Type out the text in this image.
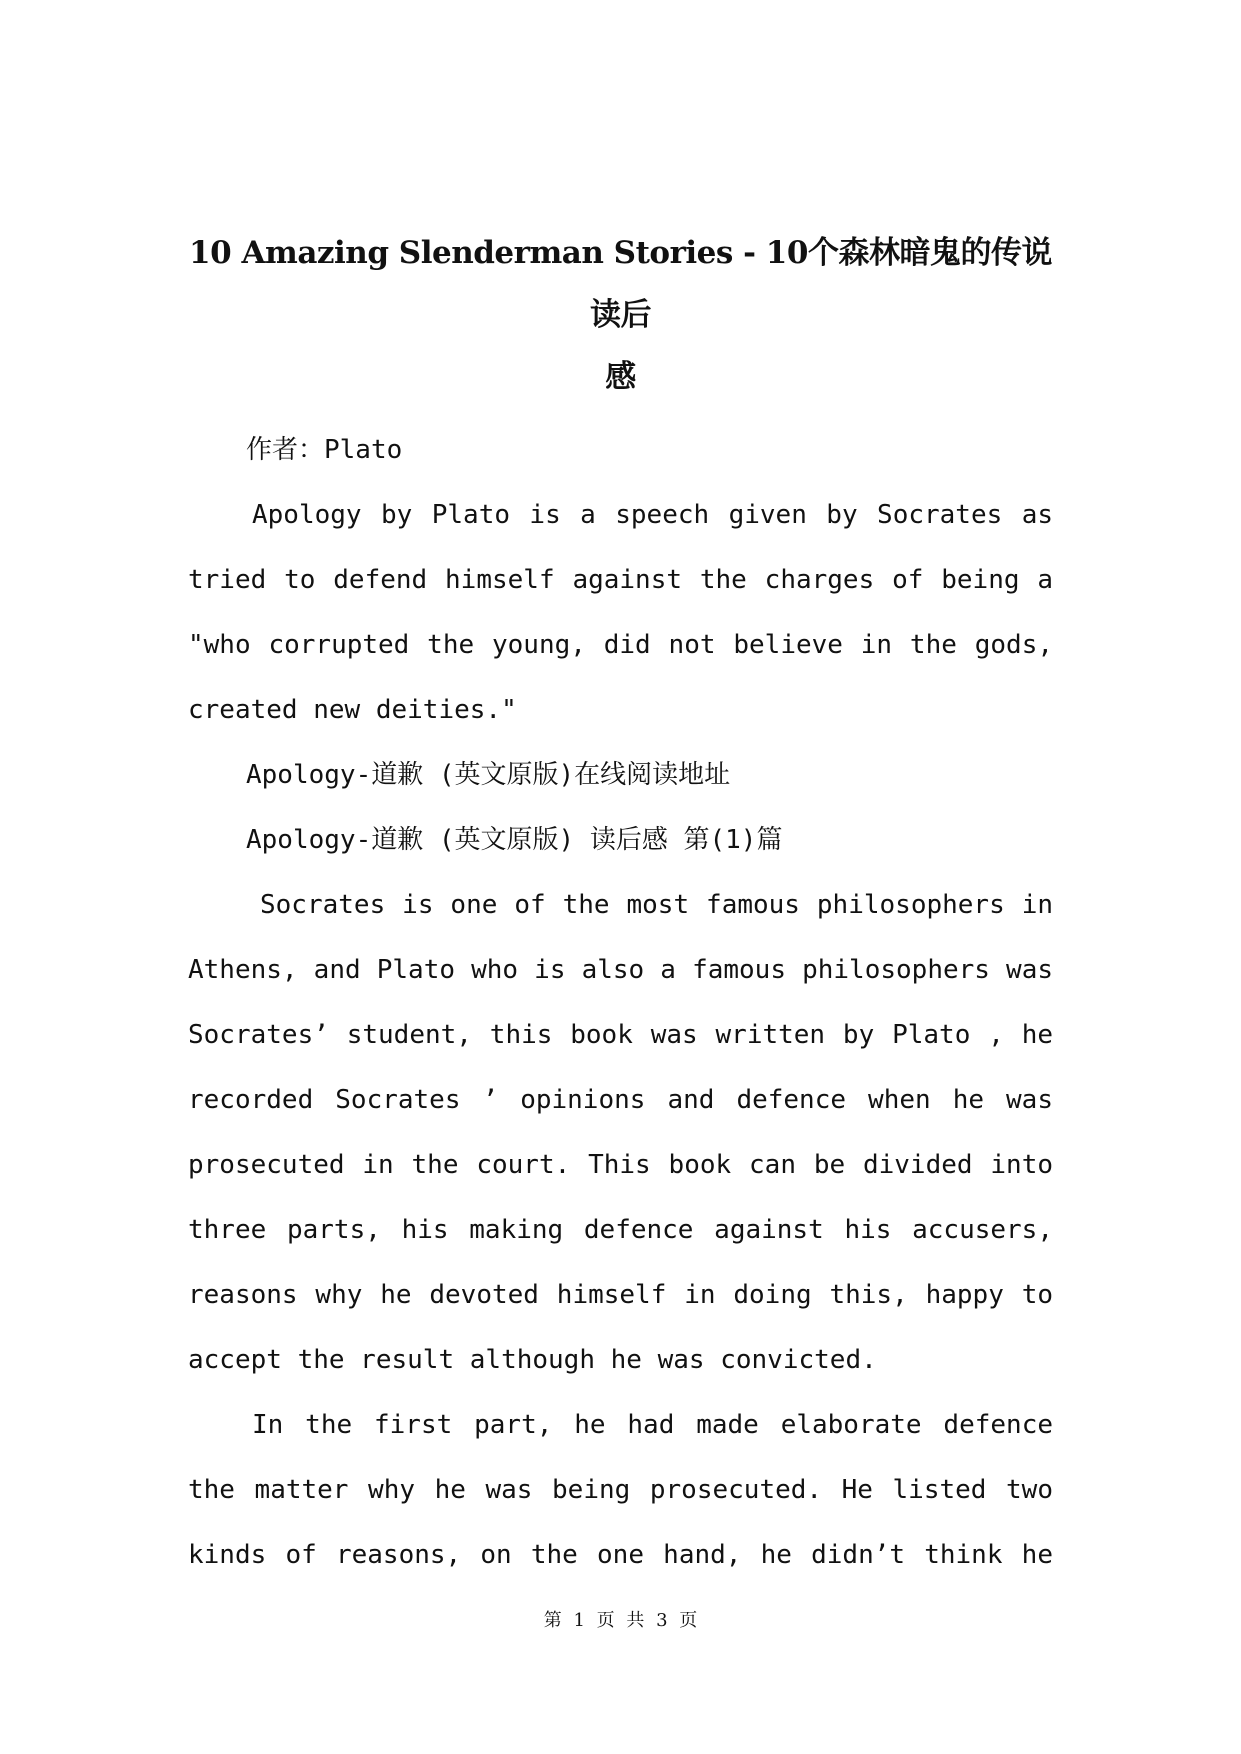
10 Amazing Slenderman Stories - 10个森林暗鬼的传说 读后
感

作者：Plato

Apology by Plato is a speech given by Socrates as
tried to defend himself against the charges of being a
"who corrupted the young, did not believe in the gods,
created new deities."

Apology-道歉 (英文原版)在线阅读地址

Apology-道歉 (英文原版) 读后感 第(1)篇

Socrates is one of the most famous philosophers in
Athens, and Plato who is also a famous philosophers was
Socrates’ student, this book was written by Plato , he
recorded Socrates ’ opinions and defence when he was
prosecuted in the court. This book can be divided into
three parts, his making defence against his accusers,
reasons why he devoted himself in doing this, happy to
accept the result although he was convicted.

In the first part, he had made elaborate defence
the matter why he was being prosecuted. He listed two
kinds of reasons, on the one hand, he didn’t think he

第 1 页 共 3 页
